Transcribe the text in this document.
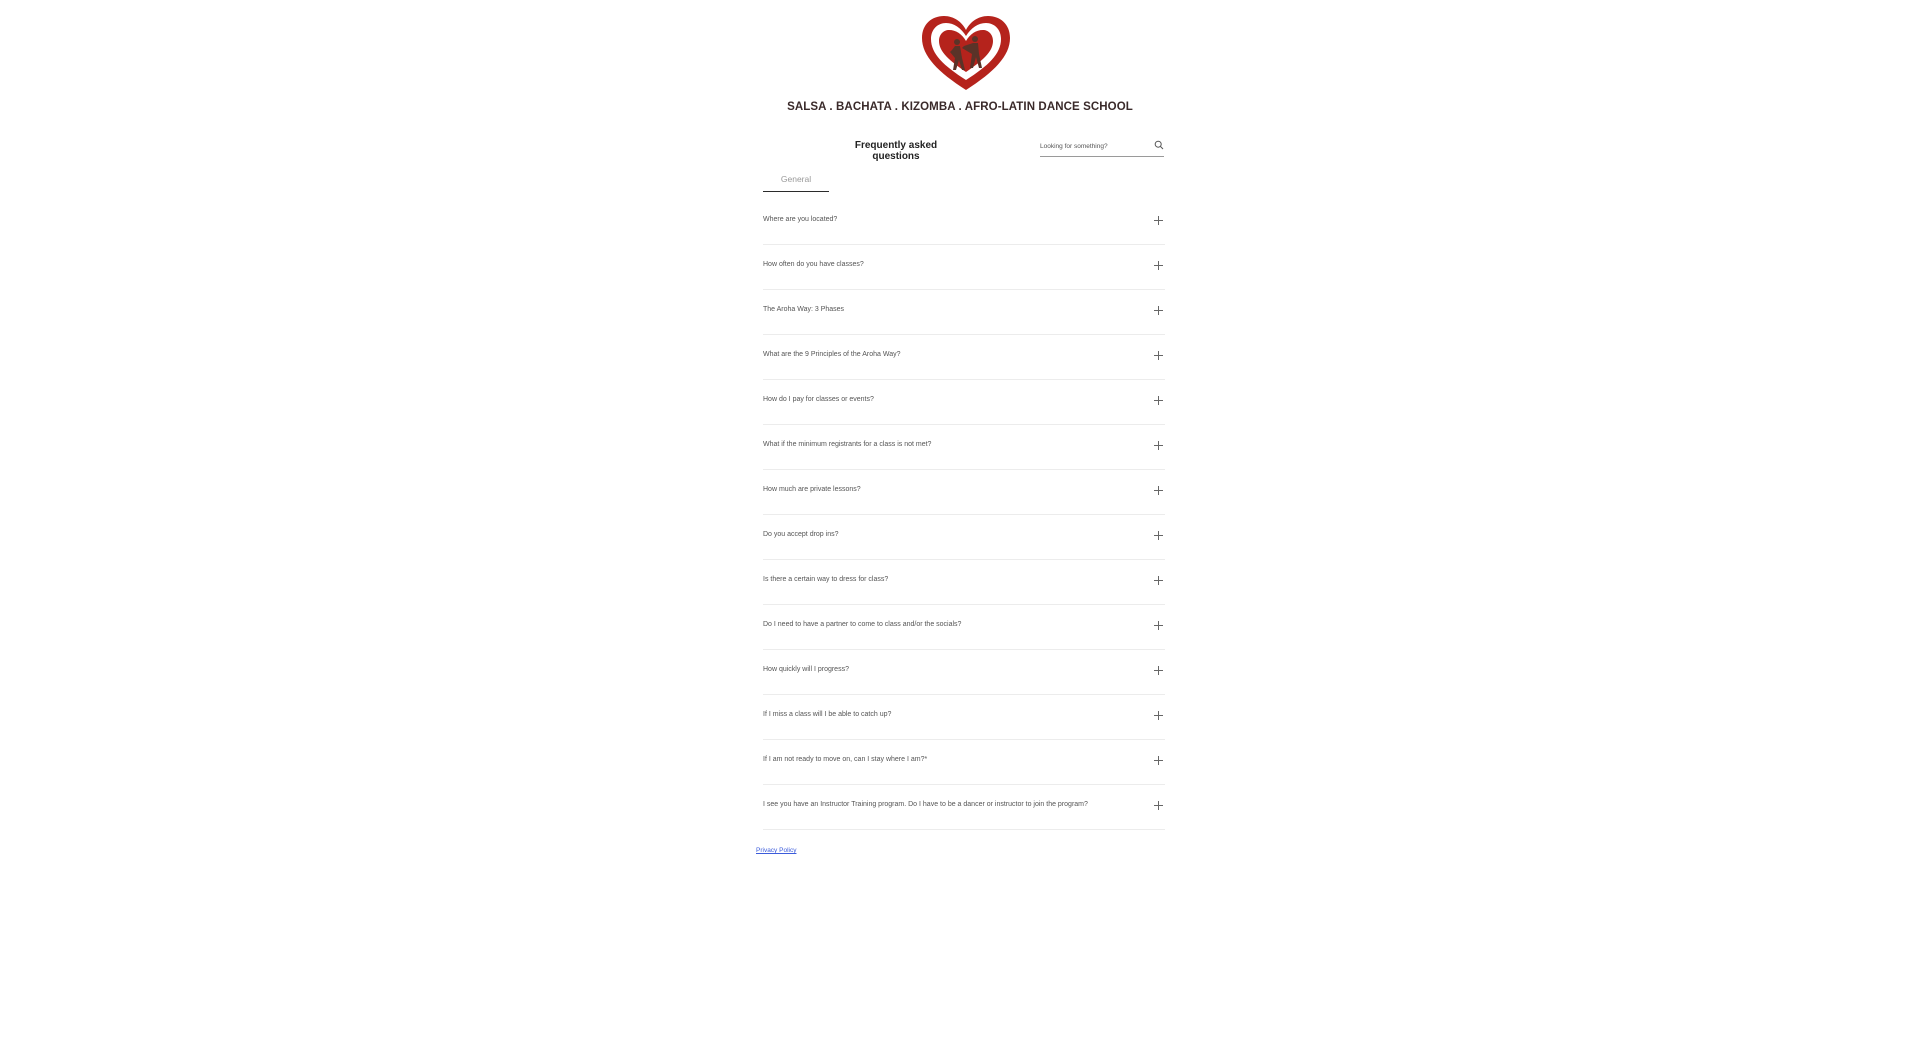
SALSA . BACHATA . KIZOMBA . AFRO-LATIN DANCE SCHOOL
Frequently asked questions
Looking for something?
General
Where are you located?
How often do you have classes?
The Aroha Way: 3 Phases
What are the 9 Principles of the Aroha Way?
How do I pay for classes or events?
What if the minimum registrants for a class is not met?
How much are private lessons?
Do you accept drop ins?
Is there a certain way to dress for class?
Do I need to have a partner to come to class and/or the socials?
How quickly will I progress?
If I miss a class will I be able to catch up?
If I am not ready to move on, can I stay where I am?*
I see you have an Instructor Training program. Do I have to be a dancer or instructor to join the program?
Privacy Policy
